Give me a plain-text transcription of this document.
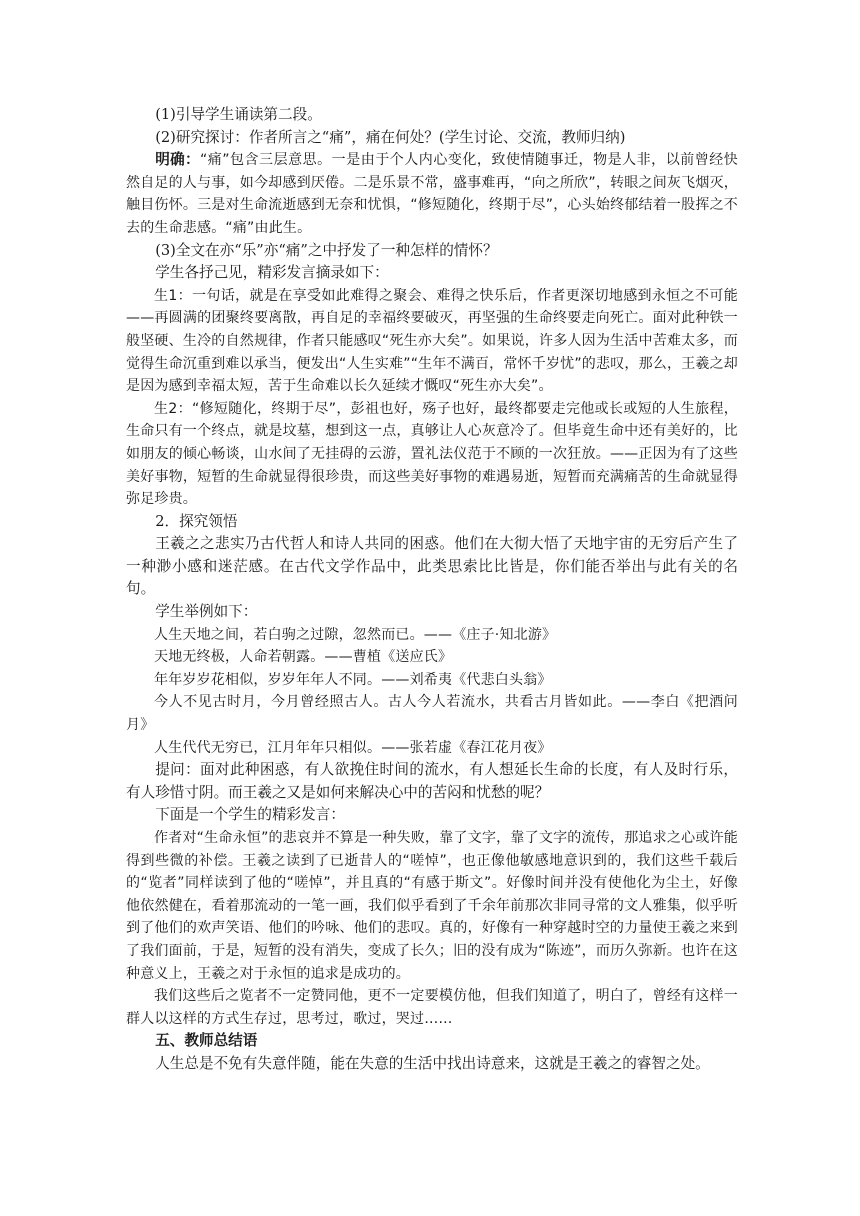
(1)引导学生诵读第二段。

(2)研究探讨：作者所言之“痛”，痛在何处？(学生讨论、交流，教师归纳)

明确：“痛”包含三层意思。一是由于个人内心变化，致使情随事迁，物是人非，以前曾经快然自足的人与事，如今却感到厌倦。二是乐景不常，盛事难再，“向之所欣”，转眼之间灰飞烟灭，触目伤怀。三是对生命流逝感到无奈和忧惧，“修短随化，终期于尽”，心头始终郁结着一股挥之不去的生命悲感。“痛”由此生。

(3)全文在亦“乐”亦“痛”之中抒发了一种怎样的情怀？

学生各抒己见，精彩发言摘录如下：

生1：一句话，就是在享受如此难得之聚会、难得之快乐后，作者更深切地感到永恒之不可能——再圆满的团聚终要离散，再自足的幸福终要破灭，再坚强的生命终要走向死亡。面对此种铁一般坚硬、生冷的自然规律，作者只能感叹“死生亦大矣”。如果说，许多人因为生活中苦难太多，而觉得生命沉重到难以承当，便发出“人生实难”“生年不满百，常怀千岁忧”的悲叹，那么，王羲之却是因为感到幸福太短，苦于生命难以长久延续才慨叹“死生亦大矣”。

生2：“修短随化，终期于尽”，彭祖也好，殇子也好，最终都要走完他或长或短的人生旅程，生命只有一个终点，就是坟墓，想到这一点，真够让人心灰意冷了。但毕竟生命中还有美好的，比如朋友的倾心畅谈，山水间了无挂碍的云游，置礼法仪范于不顾的一次狂放。——正因为有了这些美好事物，短暂的生命就显得很珍贵，而这些美好事物的难遇易逝，短暂而充满痛苦的生命就显得弥足珍贵。

2．探究领悟

王羲之之悲实乃古代哲人和诗人共同的困惑。他们在大彻大悟了天地宇宙的无穷后产生了一种渺小感和迷茫感。在古代文学作品中，此类思索比比皆是，你们能否举出与此有关的名句。

学生举例如下：

人生天地之间，若白驹之过隙，忽然而已。——《庄子·知北游》

天地无终极，人命若朝露。——曹植《送应氏》

年年岁岁花相似，岁岁年年人不同。——刘希夷《代悲白头翁》

今人不见古时月，今月曾经照古人。古人今人若流水，共看古月皆如此。——李白《把酒问月》

人生代代无穷已，江月年年只相似。——张若虚《春江花月夜》

提问：面对此种困惑，有人欲挽住时间的流水，有人想延长生命的长度，有人及时行乐，有人珍惜寸阴。而王羲之又是如何来解决心中的苦闷和忧愁的呢？

下面是一个学生的精彩发言：

作者对“生命永恒”的悲哀并不算是一种失败，靠了文字，靠了文字的流传，那追求之心或许能得到些微的补偿。王羲之读到了已逝昔人的“嗟悼”，也正像他敏感地意识到的，我们这些千载后的“览者”同样读到了他的“嗟悼”，并且真的“有感于斯文”。好像时间并没有使他化为尘土，好像他依然健在，看着那流动的一笔一画，我们似乎看到了千余年前那次非同寻常的文人雅集，似乎听到了他们的欢声笑语、他们的吟咏、他们的悲叹。真的，好像有一种穿越时空的力量使王羲之来到了我们面前，于是，短暂的没有消失，变成了长久；旧的没有成为“陈迹”，而历久弥新。也许在这种意义上，王羲之对于永恒的追求是成功的。

我们这些后之览者不一定赞同他，更不一定要模仿他，但我们知道了，明白了，曾经有这样一群人以这样的方式生存过，思考过，歌过，哭过……

五、教师总结语

人生总是不免有失意伴随，能在失意的生活中找出诗意来，这就是王羲之的睿智之处。
